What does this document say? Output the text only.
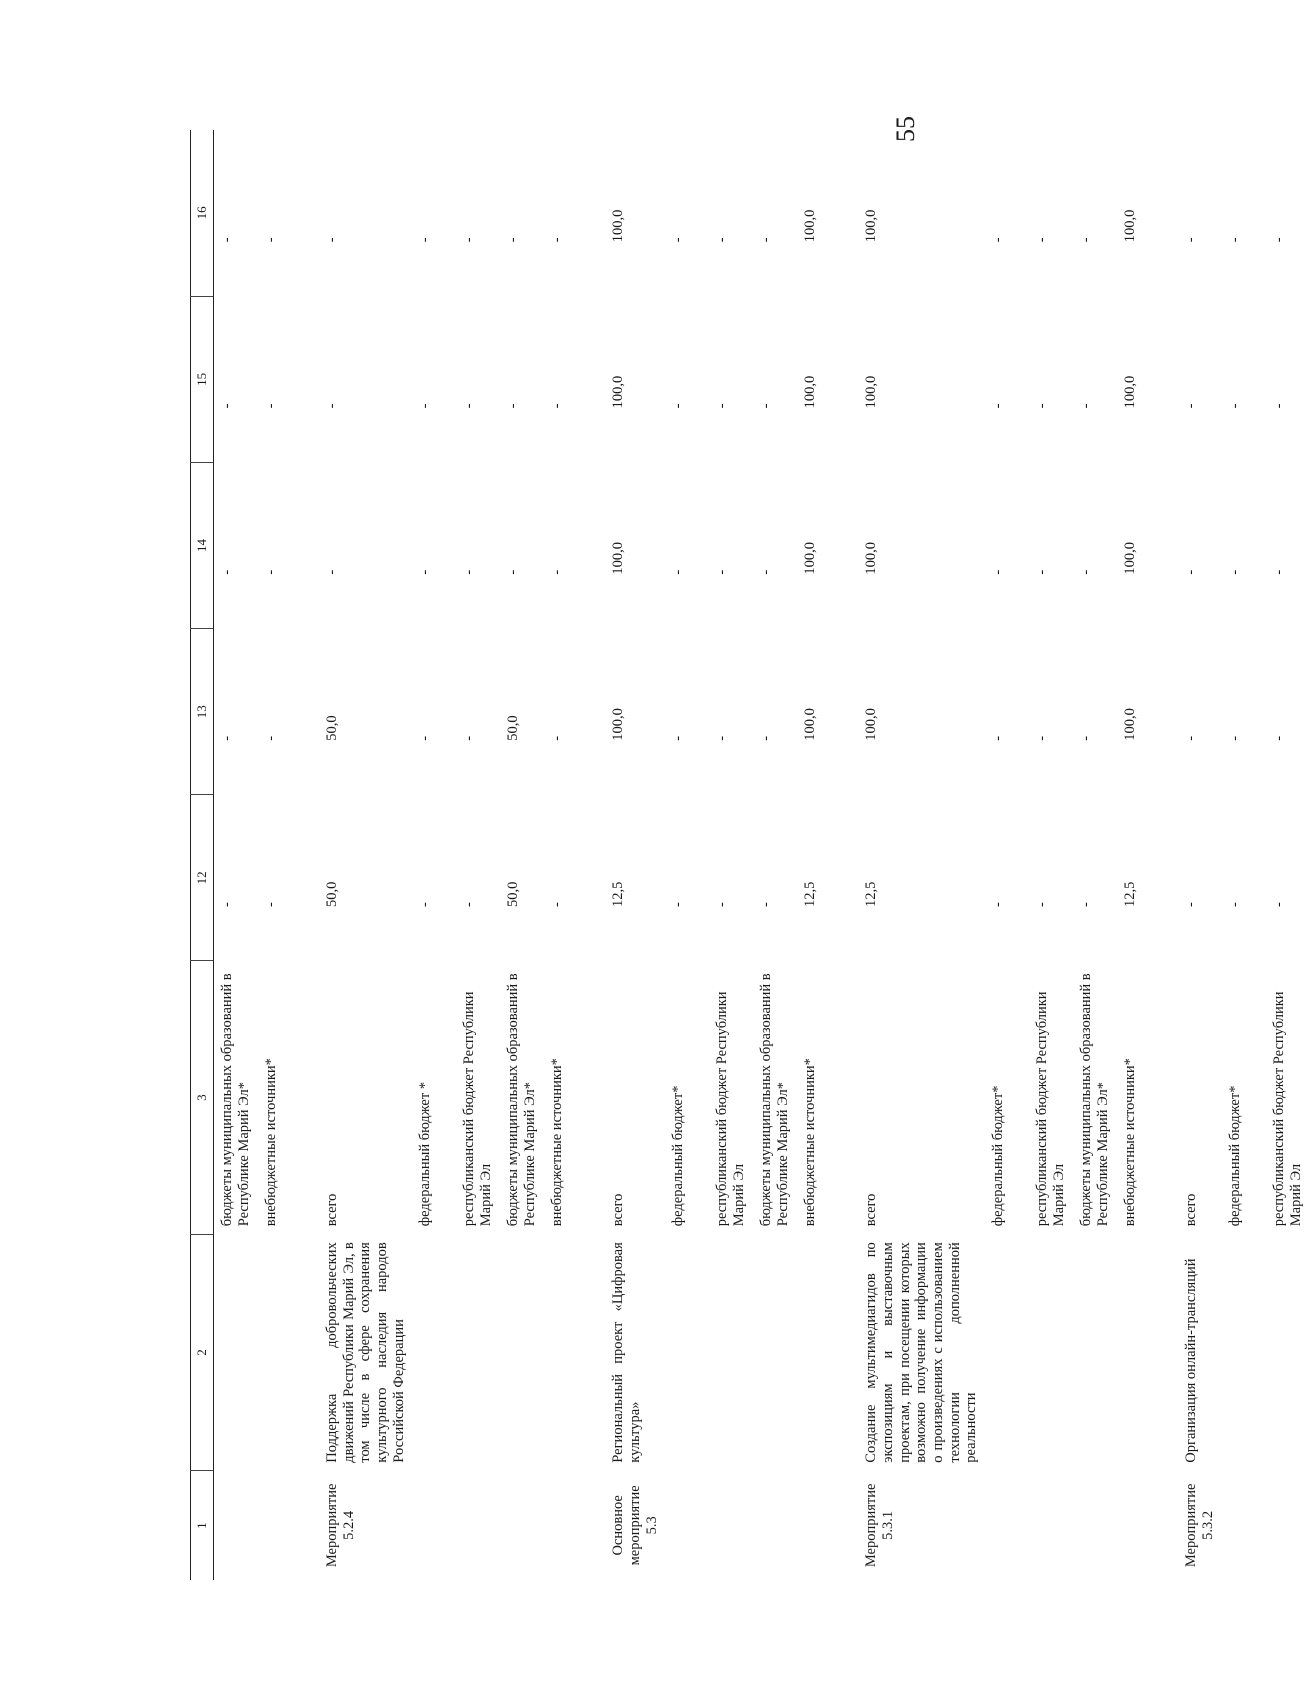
55
1	2	3	12	13	14	15	16
		бюджеты муниципальных образований в Республике Марий Эл*	-	-	-	-	-
		внебюджетные источники*	-	-	-	-	-
Мероприятие 5.2.4	Поддержка добровольческих движений Республики Марий Эл, в том числе в сфере сохранения культурного наследия народов Российской Федерации	всего	50,0	50,0	-	-	-
		федеральный бюджет *	-	-	-	-	-
		республиканский бюджет Республики Марий Эл	-	-	-	-	-
		бюджеты муниципальных образований в Республике Марий Эл*	50,0	50,0	-	-	-
		внебюджетные источники*	-	-	-	-	-
Основное мероприятие 5.3	Региональный проект «Цифровая культура»	всего	12,5	100,0	100,0	100,0	100,0
		федеральный бюджет*	-	-	-	-	-
		республиканский бюджет Республики Марий Эл	-	-	-	-	-
		бюджеты муниципальных образований в Республике Марий Эл*	-	-	-	-	-
		внебюджетные источники*	12,5	100,0	100,0	100,0	100,0
Мероприятие 5.3.1	Создание мультимедиагидов по экспозициям и выставочным проектам, при посещении которых возможно получение информации о произведениях с использованием технологии дополненной реальности	всего	12,5	100,0	100,0	100,0	100,0
		федеральный бюджет*	-	-	-	-	-
		республиканский бюджет Республики Марий Эл	-	-	-	-	-
		бюджеты муниципальных образований в Республике Марий Эл*	-	-	-	-	-
		внебюджетные источники*	12,5	100,0	100,0	100,0	100,0
Мероприятие 5.3.2	Организация онлайн-трансляций	всего	-	-	-	-	-
		федеральный бюджет*	-	-	-	-	-
		республиканский бюджет Республики Марий Эл	-	-	-	-	-
